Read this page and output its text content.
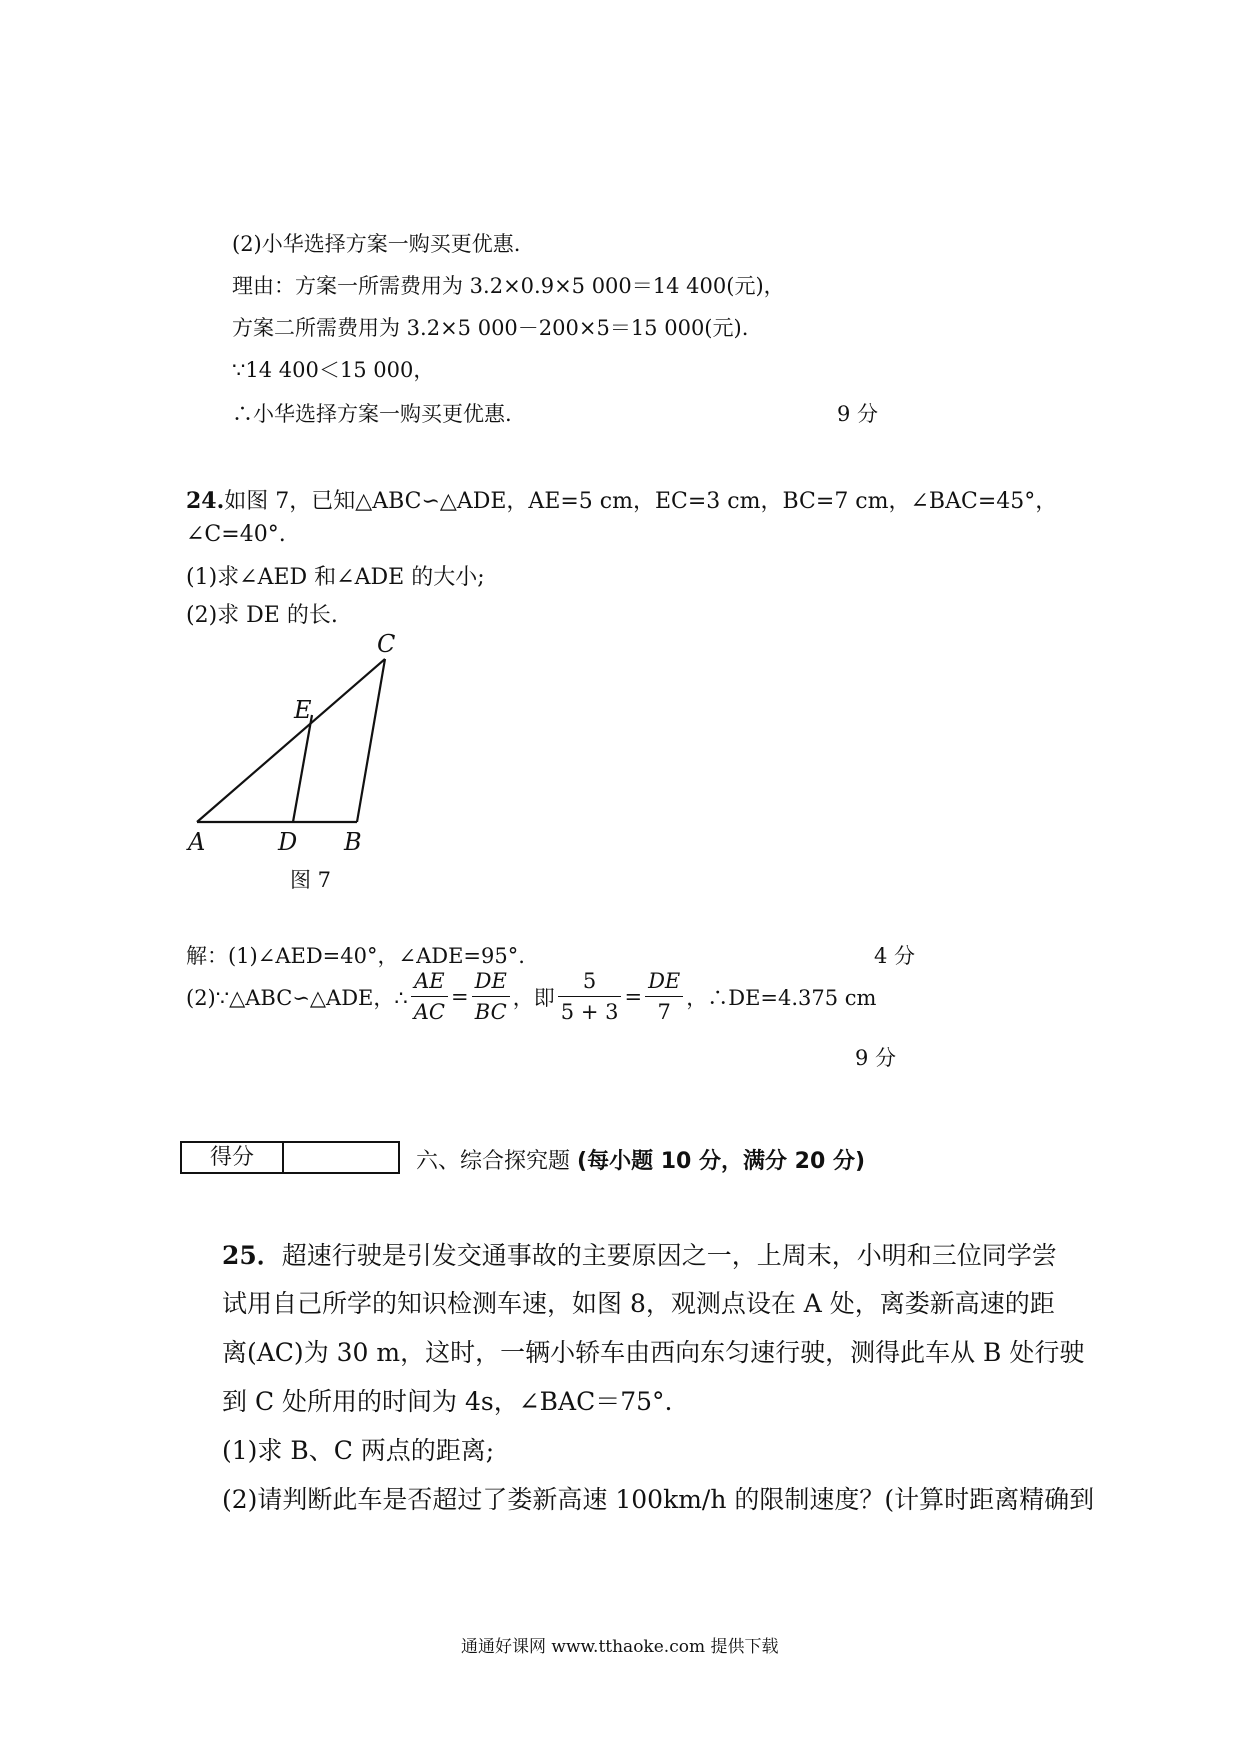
(2)小华选择方案一购买更优惠.
理由：方案一所需费用为 3.2×0.9×5 000＝14 400(元)，
方案二所需费用为 3.2×5 000－200×5＝15 000(元).
∵14 400＜15 000，
∴小华选择方案一购买更优惠.	9 分
24.如图 7，已知△ABC∽△ADE，AE=5 cm，EC=3 cm，BC=7 cm，∠BAC=45°，
∠C=40°.
(1)求∠AED 和∠ADE 的大小;
(2)求 DE 的长.
C
E
A	D B
图 7
解：(1)∠AED=40°，∠ADE=95°.	4 分
(2)∵△ABC∽△ADE，∴ $\frac{AE}{AC} = \frac{DE}{BC}$ ，即 $\frac{5}{5 + 3} = \frac{DE}{7}$ ，∴DE=4.375 cm
9 分
得分	六、综合探究题 (每小题 10 分，满分 20 分)
25．超速行驶是引发交通事故的主要原因之一，上周末，小明和三位同学尝
试用自己所学的知识检测车速，如图 8，观测点设在 A 处，离娄新高速的距
离(AC)为 30 m，这时，一辆小轿车由西向东匀速行驶，测得此车从 B 处行驶
到 C 处所用的时间为 4s，∠BAC＝75°.
(1)求 B、C 两点的距离;
(2)请判断此车是否超过了娄新高速 100km/h 的限制速度？(计算时距离精确到
通通好课网 www.tthaoke.com 提供下载
